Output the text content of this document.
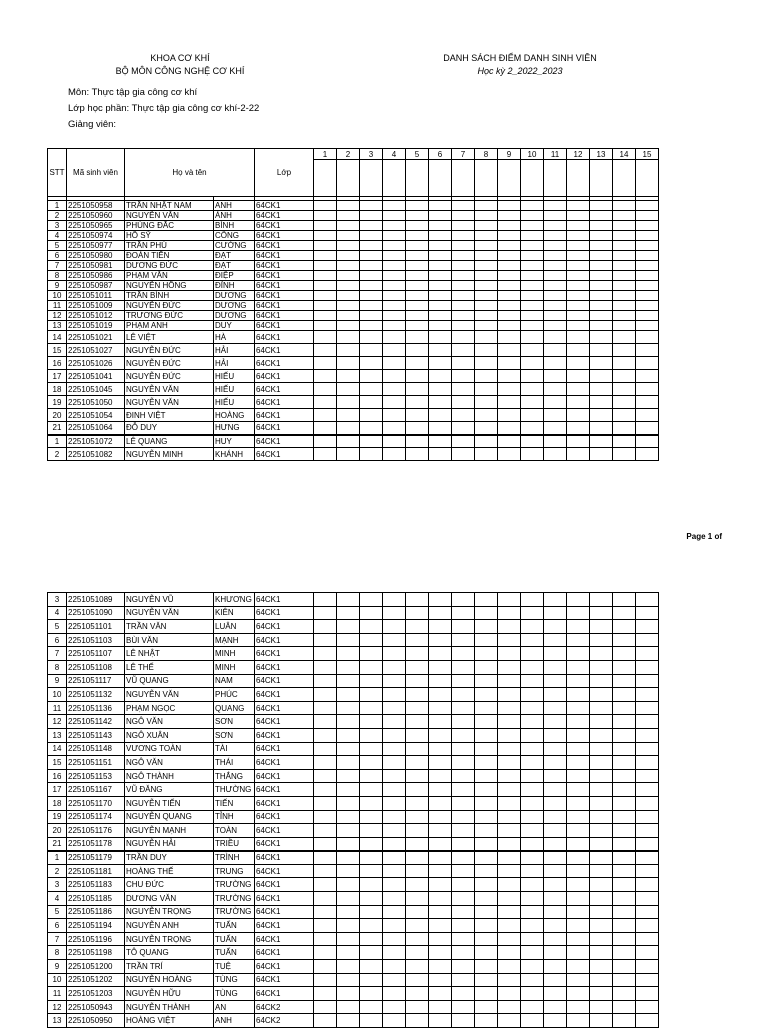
KHOA CƠ KHÍ
BỘ MÔN CÔNG NGHỆ CƠ KHÍ
DANH SÁCH ĐIỂM DANH SINH VIÊN
Học kỳ 2_2022_2023
Môn: Thực tập gia công cơ khí
Lớp học phần: Thực tập gia công cơ khí-2-22
Giảng viên:
STT	Mã sinh viên	Họ và tên		Lớp	1	2	3	4	5	6	7	8	9	10	11	12	13	14	15

1	2251050958	TRẦN NHẬT NAM	ANH	64CK1															
2	2251050960	NGUYỄN VĂN	ÁNH	64CK1															
3	2251050965	PHÙNG ĐẮC	BÌNH	64CK1															
4	2251050974	HỒ SỸ	CÔNG	64CK1															
5	2251050977	TRẦN PHÚ	CƯỜNG	64CK1															
6	2251050980	ĐOÀN TIẾN	ĐẠT	64CK1															
7	2251050981	DƯƠNG ĐỨC	ĐẠT	64CK1															
8	2251050986	PHẠM VĂN	ĐIỆP	64CK1															
9	2251050987	NGUYỄN HỒNG	ĐỈNH	64CK1															
10	2251051011	TRẦN BÌNH	DƯƠNG	64CK1															
11	2251051009	NGUYỄN ĐỨC	DƯƠNG	64CK1															
12	2251051012	TRƯƠNG ĐỨC	DƯƠNG	64CK1															
13	2251051019	PHẠM ANH	DUY	64CK1															
14	2251051021	LÊ VIỆT	HÀ	64CK1															
15	2251051027	NGUYỄN ĐỨC	HẢI	64CK1															
16	2251051026	NGUYỄN ĐỨC	HẢI	64CK1															
17	2251051041	NGUYỄN ĐỨC	HIẾU	64CK1															
18	2251051045	NGUYỄN VĂN	HIẾU	64CK1															
19	2251051050	NGUYỄN VĂN	HIẾU	64CK1															
20	2251051054	ĐINH VIỆT	HOÀNG	64CK1															
21	2251051064	ĐỖ DUY	HƯNG	64CK1															
1	2251051072	LÊ QUANG	HUY	64CK1															
2	2251051082	NGUYỄN MINH	KHÁNH	64CK1															
Page 1 of
3	2251051089	NGUYỄN VŨ	KHƯƠNG	64CK1															
4	2251051090	NGUYỄN VĂN	KIÊN	64CK1															
5	2251051101	TRẦN VĂN	LUÂN	64CK1															
6	2251051103	BÙI VĂN	MẠNH	64CK1															
7	2251051107	LÊ NHẬT	MINH	64CK1															
8	2251051108	LÊ THẾ	MINH	64CK1															
9	2251051117	VŨ QUANG	NAM	64CK1															
10	2251051132	NGUYỄN VĂN	PHÚC	64CK1															
11	2251051136	PHẠM NGỌC	QUANG	64CK1															
12	2251051142	NGÔ VĂN	SƠN	64CK1															
13	2251051143	NGÔ XUÂN	SƠN	64CK1															
14	2251051148	VƯƠNG TOÀN	TÀI	64CK1															
15	2251051151	NGÔ VĂN	THÁI	64CK1															
16	2251051153	NGÔ THÀNH	THẮNG	64CK1															
17	2251051167	VŨ ĐĂNG	THƯỜNG	64CK1															
18	2251051170	NGUYỄN TIẾN	TIẾN	64CK1															
19	2251051174	NGUYỄN QUANG	TỈNH	64CK1															
20	2251051176	NGUYỄN MẠNH	TOÀN	64CK1															
21	2251051178	NGUYỄN HẢI	TRIỀU	64CK1															
1	2251051179	TRẦN DUY	TRÌNH	64CK1															
2	2251051181	HOÀNG THẾ	TRUNG	64CK1															
3	2251051183	CHU ĐỨC	TRƯỜNG	64CK1															
4	2251051185	DƯƠNG VĂN	TRƯỜNG	64CK1															
5	2251051186	NGUYỄN TRỌNG	TRƯỜNG	64CK1															
6	2251051194	NGUYỄN ANH	TUẤN	64CK1															
7	2251051196	NGUYỄN TRỌNG	TUẤN	64CK1															
8	2251051198	TÔ QUANG	TUẤN	64CK1															
9	2251051200	TRẦN TRÍ	TUỆ	64CK1															
10	2251051202	NGUYỄN HOÀNG	TÙNG	64CK1															
11	2251051203	NGUYỄN HỮU	TÙNG	64CK1															
12	2251050943	NGUYỄN THÀNH	AN	64CK2															
13	2251050950	HOÀNG VIỆT	ANH	64CK2															
